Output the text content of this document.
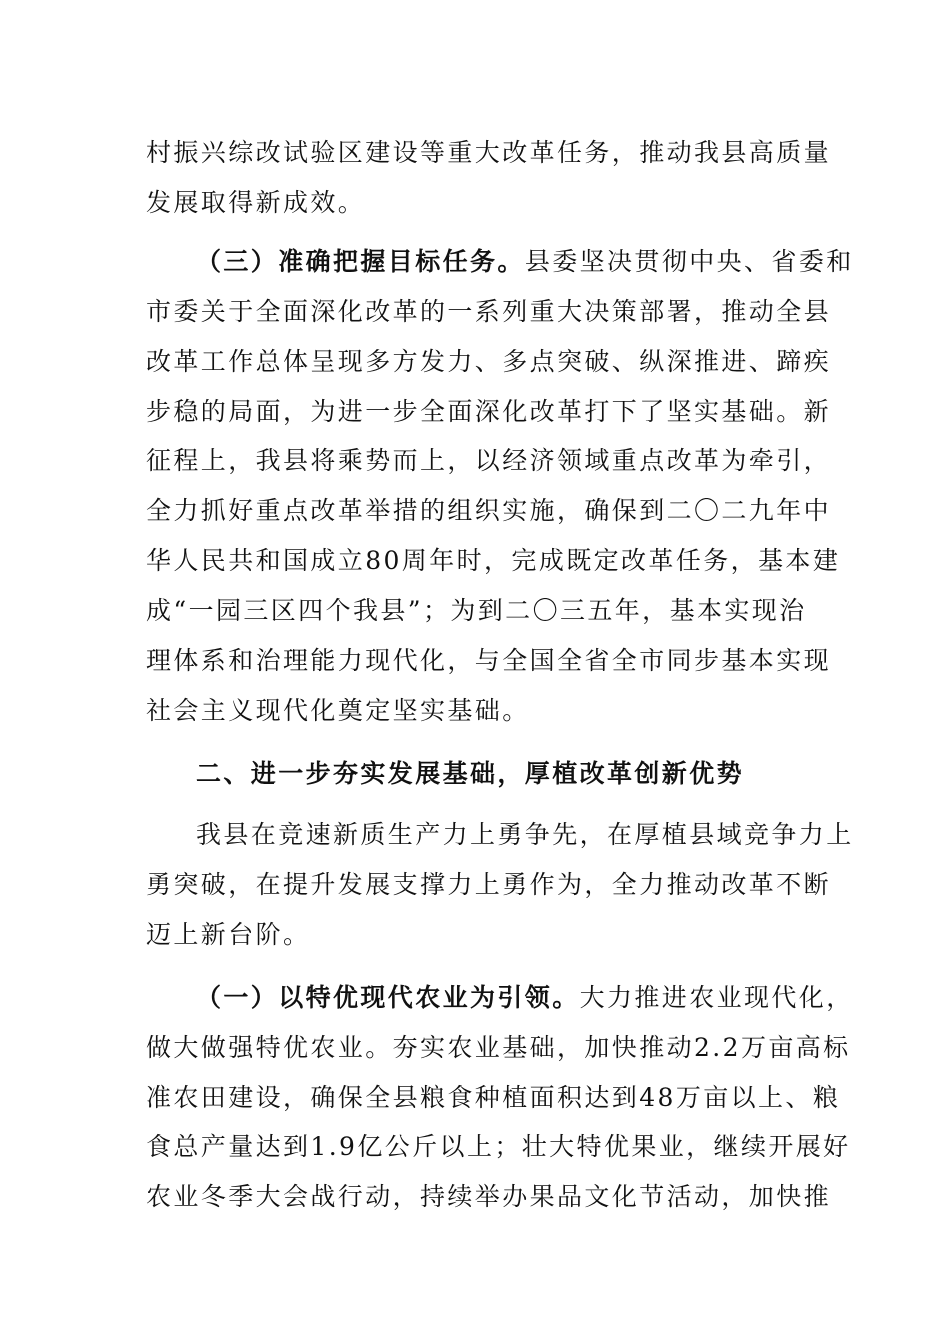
村振兴综改试验区建设等重大改革任务，推动我县高质量
发展取得新成效。
（三）准确把握目标任务。县委坚决贯彻中央、省委和
市委关于全面深化改革的一系列重大决策部署，推动全县
改革工作总体呈现多方发力、多点突破、纵深推进、蹄疾
步稳的局面，为进一步全面深化改革打下了坚实基础。新
征程上，我县将乘势而上，以经济领域重点改革为牵引，
全力抓好重点改革举措的组织实施，确保到二〇二九年中
华人民共和国成立80周年时，完成既定改革任务，基本建
成“一园三区四个我县”；为到二〇三五年，基本实现治
理体系和治理能力现代化，与全国全省全市同步基本实现
社会主义现代化奠定坚实基础。
二、进一步夯实发展基础，厚植改革创新优势
我县在竞速新质生产力上勇争先，在厚植县域竞争力上
勇突破，在提升发展支撑力上勇作为，全力推动改革不断
迈上新台阶。
（一）以特优现代农业为引领。大力推进农业现代化，
做大做强特优农业。夯实农业基础，加快推动2.2万亩高标
准农田建设，确保全县粮食种植面积达到48万亩以上、粮
食总产量达到1.9亿公斤以上；壮大特优果业，继续开展好
农业冬季大会战行动，持续举办果品文化节活动，加快推
